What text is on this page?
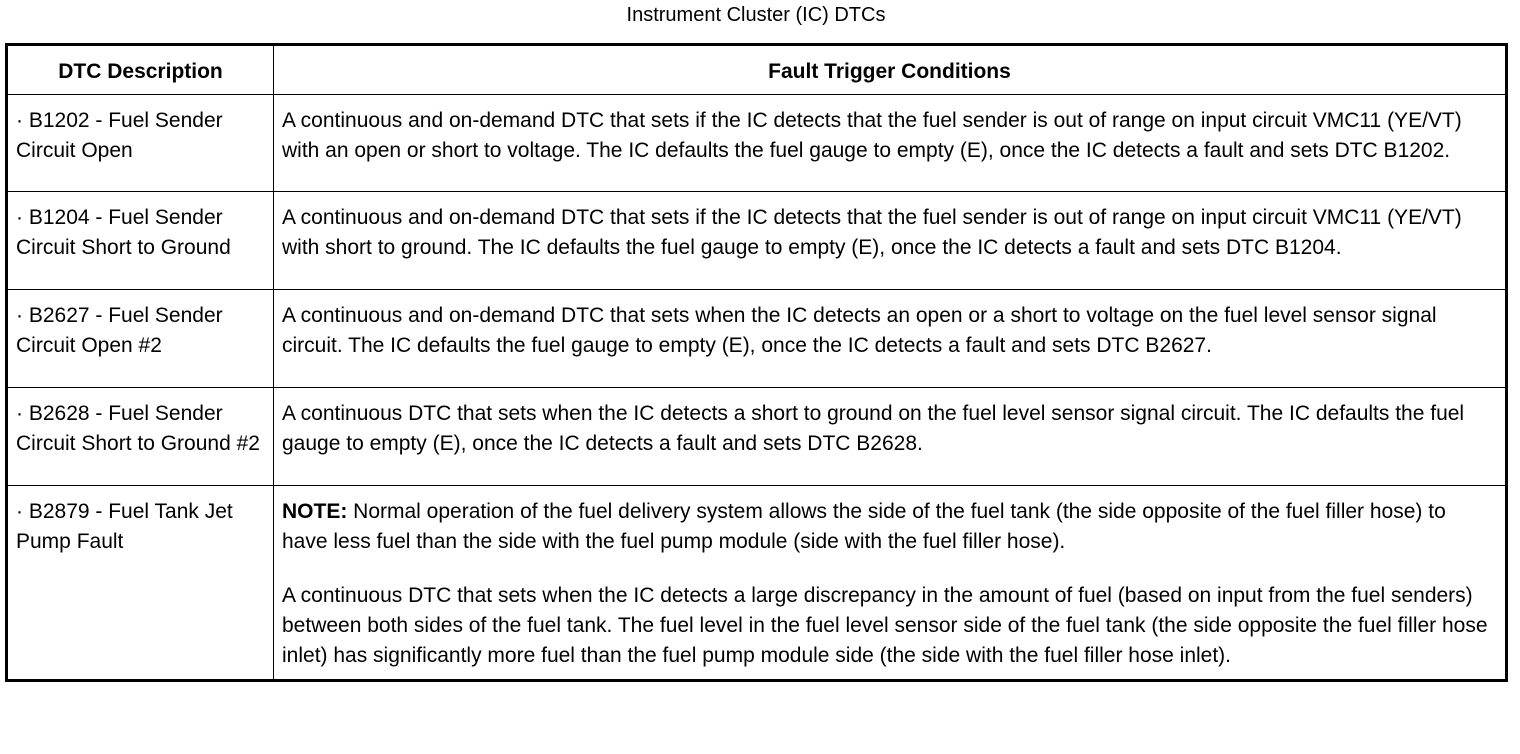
Instrument Cluster (IC) DTCs
DTC Description	Fault Trigger Conditions
· B1202 - Fuel Sender Circuit Open	A continuous and on-demand DTC that sets if the IC detects that the fuel sender is out of range on input circuit VMC11 (YE/VT) with an open or short to voltage. The IC defaults the fuel gauge to empty (E), once the IC detects a fault and sets DTC B1202.
· B1204 - Fuel Sender Circuit Short to Ground	A continuous and on-demand DTC that sets if the IC detects that the fuel sender is out of range on input circuit VMC11 (YE/VT) with short to ground. The IC defaults the fuel gauge to empty (E), once the IC detects a fault and sets DTC B1204.
· B2627 - Fuel Sender Circuit Open #2	A continuous and on-demand DTC that sets when the IC detects an open or a short to voltage on the fuel level sensor signal circuit. The IC defaults the fuel gauge to empty (E), once the IC detects a fault and sets DTC B2627.
· B2628 - Fuel Sender Circuit Short to Ground #2	A continuous DTC that sets when the IC detects a short to ground on the fuel level sensor signal circuit. The IC defaults the fuel gauge to empty (E), once the IC detects a fault and sets DTC B2628.
· B2879 - Fuel Tank Jet Pump Fault	NOTE: Normal operation of the fuel delivery system allows the side of the fuel tank (the side opposite of the fuel filler hose) to have less fuel than the side with the fuel pump module (side with the fuel filler hose).
A continuous DTC that sets when the IC detects a large discrepancy in the amount of fuel (based on input from the fuel senders) between both sides of the fuel tank. The fuel level in the fuel level sensor side of the fuel tank (the side opposite the fuel filler hose inlet) has significantly more fuel than the fuel pump module side (the side with the fuel filler hose inlet).
